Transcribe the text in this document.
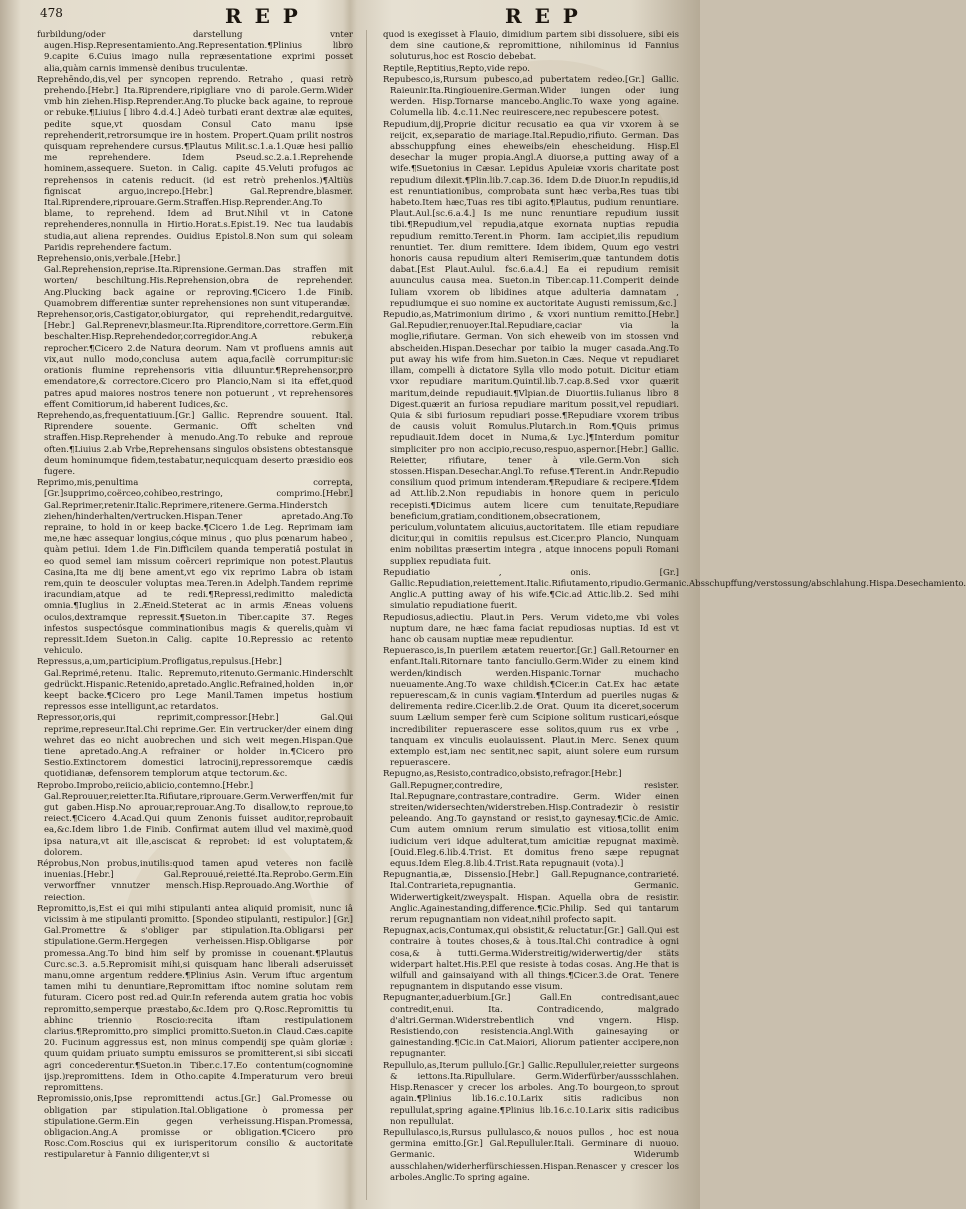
478	R E P	R E P

furbildung/oder darstellung vnter augen.Hisp.Representamiento.Ang.Representation.¶Plinius libro 9.capite 6.Cuius imago nulla repræsentatione exprimi posset alia,quàm carnis immensè denibus truculentæ.

Reprehēndo,dis,vel per syncopen reprendo. Retraho , quasi retrò prehendo.[Hebr.] Ita.Riprendere,ripigliare vno di parole.Germ.Wider vmb hin ziehen.Hisp.Reprender.Ang.To plucke back againe, to reproue or rebuke.¶Liuius [ libro 4.d.4.] Adeò turbati erant dextræ alæ equites, pedite sque,vt quosdam Consul Cato manu ipse reprehenderit,retrorsumque ire in hostem. Propert.Quam prilit nostros quisquam reprehendere cursus.¶Plautus Milit.sc.1.a.1.Quæ hesi pallio me reprehendere. Idem Pseud.sc.2.a.1.Reprehende hominem,assequere. Sueton. in Calig. capite 45.Veluti profugos ac reprehensos in catenis reducit. (id est retrò prehenlos.)¶Altiùs figniscat arguo,increpo.[Hebr.] Gal.Reprendre,blasmer. Ital.Riprendere,riprouare.Germ.Straffen.Hisp.Reprender.Ang.To blame, to reprehend. Idem ad Brut.Nihil vt in Catone reprehenderes,nonnulla in Hirtio.Horat.s.Epist.19. Nec tua laudabis studia,aut aliena reprendes. Ouidius Epistol.8.Non sum qui soleam Paridis reprehendere factum.

Reprehensio,onis,verbale.[Hebr.] Gal.Reprehension,reprise.Ita.Riprensione.German.Das straffen mit worten/ beschiltung.His.Reprehension,obra de reprehender. Ang.Plucking back againe or reproving.¶Cicero 1.de Finib. Quamobrem differentiæ sunter reprehensiones non sunt vituperandæ.

Reprehensor,oris,Castigator,obiurgator, qui reprehendit,redarguitve. [Hebr.] Gal.Reprenevr,blasmeur.Ita.Riprenditore,correttore.Germ.Ein beschalter.Hisp.Reprehendedor,corregidor.Ang.A rebuker,a reprocher.¶Cicero 2.de Natura deorum. Nam vt profluens amnis aut vix,aut nullo modo,conclusa autem aqua,facilè corrumpitur:sic orationis flumine reprehensoris vitia diluuntur.¶Reprehensor,pro emendatore,& correctore.Cicero pro Plancio,Nam si ita effet,quod patres apud maiores nostros tenere non potuerunt , vt reprehensores effent Comitiorum,id haberent Iudices,&c.

Reprehendo,as,frequentatiuum.[Gr.] Gallic. Reprendre souuent. Ital. Riprendere souente. Germanic. Offt schelten vnd straffen.Hisp.Reprehender à menudo.Ang.To rebuke and reproue often.¶Liuius 2.ab Vrbe,Reprehensans singulos obsistens obtestansque deum hominumque fidem,testabatur,nequicquam deserto præsidio eos fugere.

Reprimo,mis,penultima correpta,[Gr.]supprimo,coërceo,cohibeo,restringo, comprimo.[Hebr.] Gal.Reprimer,retenir.Italic.Reprimere,ritenere.Germa.Hinderstch ziehen/hinderhalten/vertrucken.Hispan.Tener apretado.Ang.To repraine, to hold in or keep backe.¶Cicero 1.de Leg. Reprimam iam me,ne hæc assequar longius,cóque minus , quo plus pœnarum habeo , quàm petiui. Idem 1.de Fin.Difficilem quanda temperatiâ postulat in eo quod semel iam missum coërceri reprimique non potest.Plautus Casina,Ita me dij bene ament,vt ego vix reprimo Labra ob istam rem,quin te deosculer voluptas mea.Teren.in Adelph.Tandem reprime iracundiam,atque ad te redi.¶Repressi,redimitto maledicta omnia.¶Iuglius in 2.Æneid.Steterat ac in armis Æneas voluens oculos,dextramque repressit.¶Sueton.in Tiber.capite 37. Reges infestos suspectósque comminationibus magis & querelis,quàm vi repressit.Idem Sueton.in Calig. capite 10.Repressio ac retento vehiculo.

Repressus,a,um,participium.Profligatus,repulsus.[Hebr.] Gal.Reprimé,retenu. Italic. Repremuto,ritenuto.Germanic.Hinderschlt gedrückt.Hispanic.Retenido,apretado.Anglic.Refrained,holden in,or keept backe.¶Cicero pro Lege Manil.Tamen impetus hostium repressos esse intelligunt,ac retardatos.

Repressor,oris,qui reprimit,compressor.[Hebr.] Gal.Qui reprime,represeur.Ital.Chi reprime.Ger. Ein vertrucker/der einem ding wehret das eo nicht auobrechen und sich weit megen.Hispan.Que tiene apretado.Ang.A refrainer or holder in.¶Cicero pro Sestio.Extinctorem domestici latrocinij,repressoremque cædis quotidianæ, defensorem templorum atque tectorum.&c.

Reprobo.Improbo,reiicio,abiicio,contemno.[Hebr.] Gal.Reprouuer,reietter.Ita.Rifiutare,riprouare.Germ.Verwerffen/mit fur gut gaben.Hisp.No aprouar,reprouar.Ang.To disallow,to reproue,to reiect.¶Cicero 4.Acad.Qui quum Zenonis fuisset auditor,reprobauit ea,&c.Idem libro 1.de Finib. Confirmat autem illud vel maximè,quod ipsa natura,vt ait ille,asciscat & reprobet: id est voluptatem,& dolorem.

Réprobus,Non probus,inutilis:quod tamen apud veteres non facilè inuenias.[Hebr.] Gal.Reprouué,reietté.Ita.Reprobo.Germ.Ein verworffner vnnutzer mensch.Hisp.Reprouado.Ang.Worthie of reiection.

Repromitto,is,Est ei qui mihi stipulanti antea aliquid promisit, nunc iâ vicissim à me stipulanti promitto. [Spondeo stipulanti, restipulor.] [Gr.] Gal.Promettre & s'obliger par stipulation.Ita.Obligarsi per stipulatione.Germ.Hergegen verheissen.Hisp.Obligarse por promessa.Ang.To bind him self by promisse in couenant.¶Plautus Curc.sc.3. a.5.Repromisit mihi,si quisquam hanc liberali adseruisset manu,omne argentum reddere.¶Plinius Asin. Verum iftuc argentum tamen mihi tu denuntiare,Repromittam iftoc nomine solutam rem futuram. Cicero post red.ad Quir.In referenda autem gratia hoc vobis repromitto,semperque præstabo,&c.Idem pro Q.Rosc.Repromittis tu abhinc triennio Roscio:recita iftam restipulationem clarius.¶Repromitto,pro simplici promitto.Sueton.in Claud.Cæs.capite 20. Fucinum aggressus est, non minus compendij spe quàm gloriæ : quum quidam priuato sumptu emissuros se promitterent,si sibi siccati agri concederentur.¶Sueton.in Tiber.c.17.Eo contentum(cognomine ijsp.)repromittens. Idem in Otho.capite 4.Imperaturum vero breui repromittens.

Repromissio,onis,Ipse repromittendi actus.[Gr.] Gal.Promesse ou obligation par stipulation.Ital.Obligatione ò promessa per stipulatione.Germ.Ein gegen verheissung.Hispan.Promessa, obligacion.Ang.A promisse or obligation.¶Cicero pro Rosc.Com.Roscius qui ex iurisperitorum consilio & auctoritate restipularetur à Fannio diligenter,vt si

quod is exegisset à Flauio, dimidium partem sibi dissoluere, sibi eis dem sine cautione,& repromittione, nihilominus id Fannius soluturus,hoc est Roscio debebat.

Reptile,Reptitius,Repto,vide repo.

Repubesco,is,Rursum pubesco,ad pubertatem redeo.[Gr.] Gallic. Raieunir.Ita.Ringiouenire.German.Wider iungen oder iung werden. Hisp.Tornarse mancebo.Anglic.To waxe yong againe. Columella lib. 4.c.11.Nec reuirescere,nec repubescere potest.

Repudium,dij,Proprie dicitur recusatio ea qua vir vxorem à se reijcit, ex,separatio de mariage.Ital.Repudio,rifiuto. German. Das absschuppfung eines eheweibs/ein ehescheidung. Hisp.El desechar la muger propia.Angl.A diuorse,a putting away of a wife.¶Suetonius in Cæsar. Lepidus Apuleiæ vxoris charitate post repudium dilexit.¶Plin.lib.7.cap.36. Idem D.de Diuor.In repudiis,id est renuntiationibus, comprobata sunt hæc verba,Res tuas tibi habeto.Item hæc,Tuas res tibi agito.¶Plautus, pudium renuntiare. Plaut.Aul.[sc.6.a.4.] Is me nunc renuntiare repudium iussit tibi.¶Repudium,vel repudia,atque exornata nuptias repudia repudium remitto.Terent.in Phorm. Iam accipiet,ilis repudium renuntiet. Ter. dium remittere. Idem ibidem, Quum ego vestri honoris causa repudium alteri Remiserim,quæ tantundem dotis dabat.[Est Plaut.Aulul. fsc.6.a.4.] Ea ei repudium remisit auunculus causa mea. Sueton.in Tiber.cap.11.Comperit deinde Iuliam vxorem ob libidines atque adulteria damnatam , repudiumque ei suo nomine ex auctoritate Augusti remissum,&c.]

Repudio,as,Matrimonium dirimo , & vxori nuntium remitto.[Hebr.] Gal.Repudier,renuoyer.Ital.Repudiare,caciar via la moglie,rifiutare. German. Von sich eheweib von im stossen vnd abscheiden.Hispan.Desechar por taibio la muger casada.Ang.To put away his wife from him.Sueton.in Cæs. Neque vt repudiaret illam, compelli à dictatore Sylla vllo modo potuit. Dicitur etiam vxor repudiare maritum.Quintil.lib.7.cap.8.Sed vxor quærit maritum,deinde repudiauit.¶Vlpian.de Diuortiis.Iulianus libro 8 Digest.quærit an furiosa repudiare maritum possit,vel repudiari. Quia & sibi furiosum repudiari posse.¶Repudiare vxorem tribus de causis voluit Romulus.Plutarch.in Rom.¶Quis primus repudiauit.Idem docet in Numa,& Lyc.]¶Interdum pomitur simpliciter pro non accipio,recuso,respuo,aspernor.[Hebr.] Gallic. Reietter, rifiutare, tener à vile.Germ.Von sich stossen.Hispan.Desechar.Angl.To refuse.¶Terent.in Andr.Repudio consilium quod primum intenderam.¶Repudiare & recipere.¶Idem ad Att.lib.2.Non repudiabis in honore quem in periculo recepisti.¶Dicimus autem licere cum tenuitate,Repudiare beneficium,gratiam,conditionem,obsecrationem, periculum,voluntatem alicuius,auctoritatem. Ille etiam repudiare dicitur,qui in comitiis repulsus est.Cicer.pro Plancio, Nunquam enim nobilitas præsertim integra , atque innocens populi Romani suppliex repudiata fuit.

Repudiatio , onis. [Gr.] Gallic.Repudiation,reiettement.Italic.Rifiutamento,ripudio.Germanic.Absschupffung/verstossung/abschlahung.Hispa.Desechamiento. Anglic.A putting away of his wife.¶Cic.ad Attic.lib.2. Sed mihi simulatio repudiatione fuerit.

Repudiosus,adiectiu. Plaut.in Pers. Verum videto,me vbi voles nuptum dare, ne hæc fama faciat repudiosas nuptias. Id est vt hanc ob causam nuptiæ meæ repudientur.

Repuerasco,is,In puerilem ætatem reuertor.[Gr.] Gall.Retourner en enfant.Itali.Ritornare tanto fanciullo.Germ.Wider zu einem kind werden/kindisch werden.Hispanic.Tornar muchacho nueuamente.Ang.To waxe childish.¶Cicer.in Cat.Ex hac ætate repuerescam,& in cunis vagiam.¶Interdum ad pueriles nugas & delirementa redire.Cicer.lib.2.de Orat. Quum ita diceret,socerum suum Lælium semper ferè cum Scipione solitum rusticari,eósque incredibiliter repuerascere esse solitos,quum rus ex vrbe , tanquam ex vinculis euolauissent. Plaut.in Merc. Senex quum extemplo est,iam nec sentit,nec sapit, aiunt solere eum rursum repuerascere.

Repugno,as,Resisto,contradico,obsisto,refragor.[Hebr.] Gall.Repugner,contredire, resister. Ital.Repugnare,contrastare,contradire. Germ. Wider einen streiten/widersechten/widerstreben.Hisp.Contradezir ò resistir peleando. Ang.To gaynstand or resist,to gaynesay.¶Cic.de Amic. Cum autem omnium rerum simulatio est vitiosa,tollit enim iudicium veri idque adulterat,tum amicitiæ repugnat maximè. [Ouid.Eleg.6.lib.4.Trist. Et domitus freno sæpe repugnat equus.Idem Eleg.8.lib.4.Trist.Rata repugnauit (vota).]

Repugnantia,æ, Dissensio.[Hebr.] Gall.Repugnance,contrarieté. Ital.Contrarieta,repugnantia. Germanic. Widerwertigkeit/zweyspalt. Hispan. Aquella obra de resistir. Anglic.Againestanding,difference.¶Cic.Philip. Sed qui tantarum rerum repugnantiam non videat,nihil profecto sapit.

Repugnax,acis,Contumax,qui obsistit,& reluctatur.[Gr.] Gall.Qui est contraire à toutes choses,& à tous.Ital.Chi contradice à ogni cosa,& à tutti.Germa.Widerstreitig/widerwertig/der stäts widerpart haltet.His.P.El que resiste à todas cosas. Ang.He that is wilfull and gainsaiyand with all things.¶Cicer.3.de Orat. Tenere repugnantem in disputando esse visum.

Repugnanter,aduerbium.[Gr.] Gall.En contredisant,auec contredit,enui. Ita. Contradicendo, malgrado d'altri.German.Widerstrebentlich vnd vngern. Hisp. Resistiendo,con resistencia.Angl.With gainesaying or gainestanding.¶Cic.in Cat.Maiori, Aliorum patienter accipere,non repugnanter.

Repullulo,as,Iterum pullulo.[Gr.] Gallic.Repulluler,reietter surgeons & iettons.Ita.Ripullulare. Germ.Widerfürber/aussschlahen. Hisp.Renascer y crecer los arboles. Ang.To bourgeon,to sprout again.¶Plinius lib.16.c.10.Larix sitis radicibus non repullulat,spring againe.¶Plinius lib.16.c.10.Larix sitis radicibus non repullulat.

Repullulasco,is,Rursus pullulasco,& nouos pullos , hoc est noua germina emitto.[Gr.] Gal.Repulluler.Itali. Germinare di nuouo. Germanic. Widerumb ausschlahen/widerherfürschiessen.Hispan.Renascer y crescer los arboles.Anglic.To spring againe.
